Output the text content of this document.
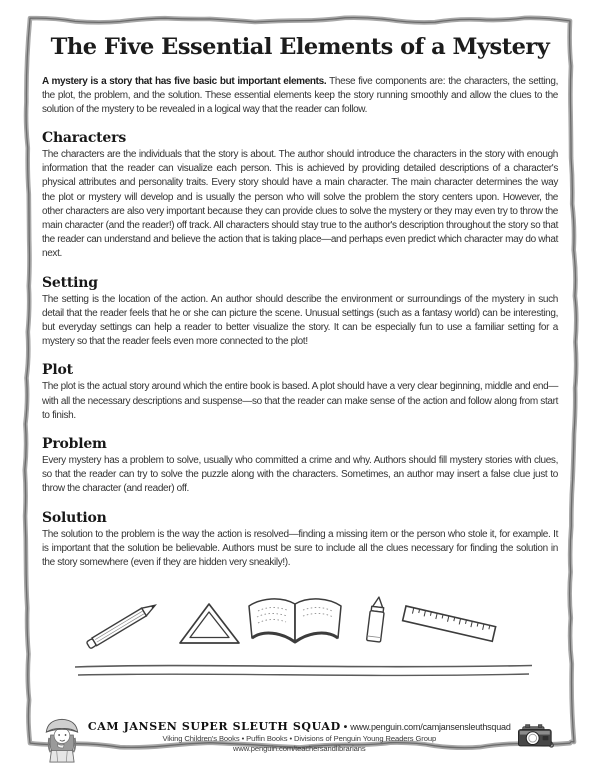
The Five Essential Elements of a Mystery

A mystery is a story that has five basic but important elements. These five components are: the characters, the setting, the plot, the problem, and the solution. These essential elements keep the story running smoothly and allow the clues to the solution of the mystery to be revealed in a logical way that the reader can follow.

Characters

The characters are the individuals that the story is about. The author should introduce the characters in the story with enough information that the reader can visualize each person. This is achieved by providing detailed descriptions of a character's physical attributes and personality traits. Every story should have a main character. The main character determines the way the plot or mystery will develop and is usually the person who will solve the problem the story centers upon. However, the other characters are also very important because they can provide clues to solve the mystery or they may even try to throw the main character (and the reader!) off track. All characters should stay true to the author's description throughout the story so that the reader can understand and believe the action that is taking place—and perhaps even predict which character may do what next.

Setting

The setting is the location of the action. An author should describe the environment or surroundings of the mystery in such detail that the reader feels that he or she can picture the scene. Unusual settings (such as a fantasy world) can be interesting, but everyday settings can help a reader to better visualize the story. It can be especially fun to use a familiar setting for a mystery so that the reader feels even more connected to the plot!

Plot

The plot is the actual story around which the entire book is based. A plot should have a very clear beginning, middle and end—with all the necessary descriptions and suspense—so that the reader can make sense of the action and follow along from start to finish.

Problem

Every mystery has a problem to solve, usually who committed a crime and why. Authors should fill mystery stories with clues, so that the reader can try to solve the puzzle along with the characters. Sometimes, an author may insert a false clue just to throw the character (and reader) off.

Solution

The solution to the problem is the way the action is resolved—finding a missing item or the person who stole it, for example. It is important that the solution be believable. Authors must be sure to include all the clues necessary for finding the solution in the story somewhere (even if they are hidden very sneakily!).

CAM JANSEN SUPER SLEUTH SQUAD • www.penguin.com/camjansensleuthsquad
Viking Children's Books • Puffin Books • Divisions of Penguin Young Readers Group
www.penguin.com/teachersandlibrarians
